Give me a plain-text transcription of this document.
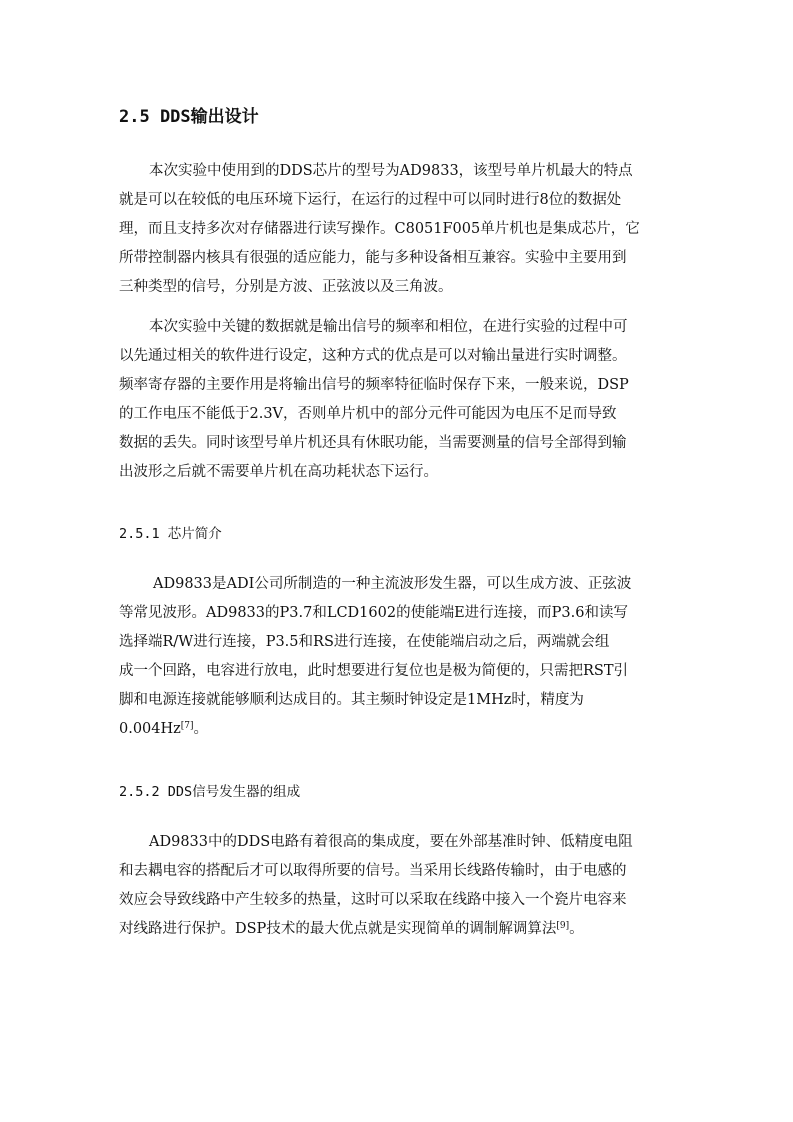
2.5 DDS输出设计
本次实验中使用到的DDS芯片的型号为AD9833，该型号单片机最大的特点
就是可以在较低的电压环境下运行，在运行的过程中可以同时进行8位的数据处
理，而且支持多次对存储器进行读写操作。C8051F005单片机也是集成芯片，它
所带控制器内核具有很强的适应能力，能与多种设备相互兼容。实验中主要用到
三种类型的信号，分别是方波、正弦波以及三角波。
本次实验中关键的数据就是输出信号的频率和相位，在进行实验的过程中可
以先通过相关的软件进行设定，这种方式的优点是可以对输出量进行实时调整。
频率寄存器的主要作用是将输出信号的频率特征临时保存下来，一般来说，DSP
的工作电压不能低于2.3V，否则单片机中的部分元件可能因为电压不足而导致
数据的丢失。同时该型号单片机还具有休眠功能，当需要测量的信号全部得到输
出波形之后就不需要单片机在高功耗状态下运行。
2.5.1 芯片简介
AD9833是ADI公司所制造的一种主流波形发生器，可以生成方波、正弦波
等常见波形。AD9833的P3.7和LCD1602的使能端E进行连接，而P3.6和读写
选择端R/W进行连接，P3.5和RS进行连接，在使能端启动之后，两端就会组
成一个回路，电容进行放电，此时想要进行复位也是极为简便的，只需把RST引
脚和电源连接就能够顺利达成目的。其主频时钟设定是1MHz时，精度为
0.004Hz[7]。
2.5.2 DDS信号发生器的组成
AD9833中的DDS电路有着很高的集成度，要在外部基准时钟、低精度电阻
和去耦电容的搭配后才可以取得所要的信号。当采用长线路传输时，由于电感的
效应会导致线路中产生较多的热量，这时可以采取在线路中接入一个瓷片电容来
对线路进行保护。DSP技术的最大优点就是实现简单的调制解调算法[9]。
